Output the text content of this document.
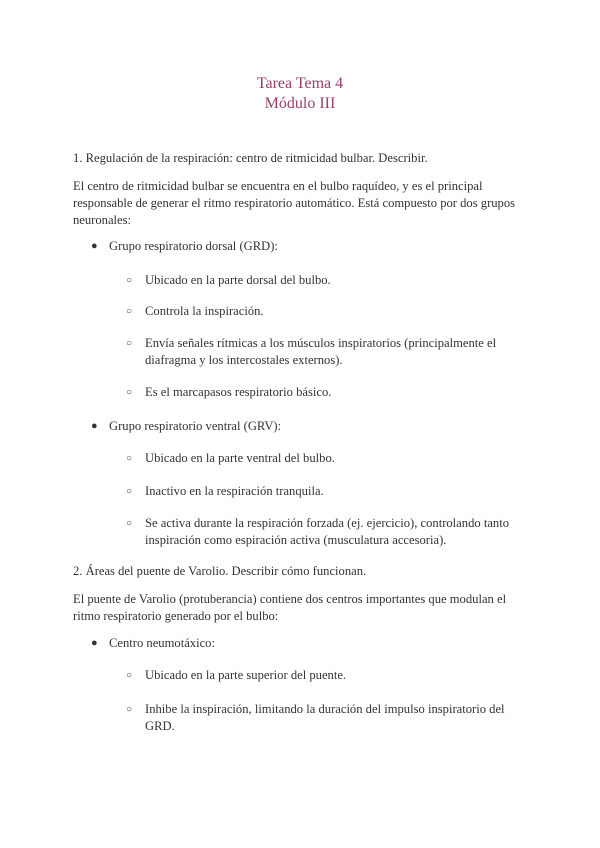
Tarea Tema 4
Módulo III

1. Regulación de la respiración: centro de ritmicidad bulbar. Describir.

El centro de ritmicidad bulbar se encuentra en el bulbo raquídeo, y es el principal responsable de generar el ritmo respiratorio automático. Está compuesto por dos grupos neuronales:

● Grupo respiratorio dorsal (GRD):
○	Ubicado en la parte dorsal del bulbo.
○	Controla la inspiración.
○	Envía señales rítmicas a los músculos inspiratorios (principalmente el diafragma y los intercostales externos).
○	Es el marcapasos respiratorio básico.
● Grupo respiratorio ventral (GRV):
○	Ubicado en la parte ventral del bulbo.
○	Inactivo en la respiración tranquila.
○	Se activa durante la respiración forzada (ej. ejercicio), controlando tanto inspiración como espiración activa (musculatura accesoria).

2. Áreas del puente de Varolio. Describir cómo funcionan.

El puente de Varolio (protuberancia) contiene dos centros importantes que modulan el ritmo respiratorio generado por el bulbo:

● Centro neumotáxico:
○	Ubicado en la parte superior del puente.
○	Inhibe la inspiración, limitando la duración del impulso inspiratorio del GRD.
